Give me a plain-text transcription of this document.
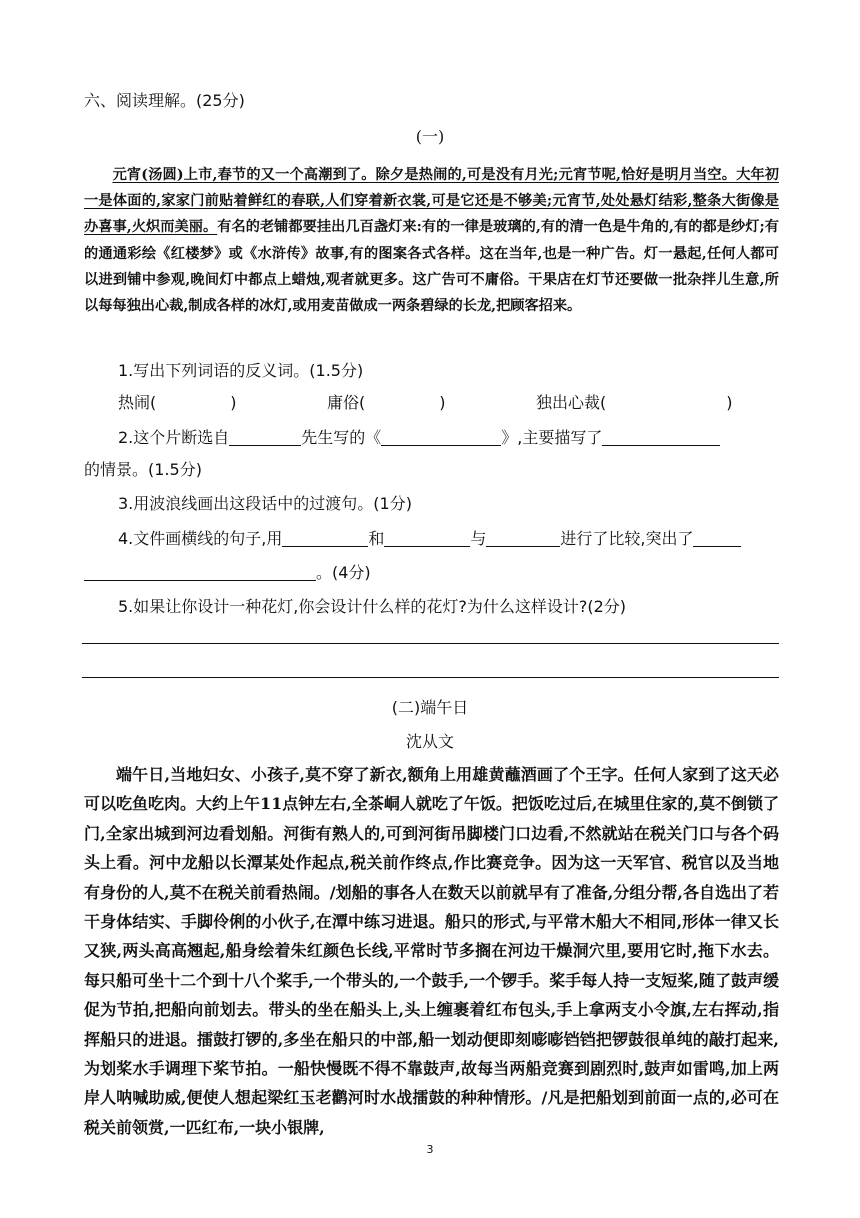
六、阅读理解。(25分)
(一)
元宵(汤圆)上市,春节的又一个高潮到了。除夕是热闹的,可是没有月光;元宵节呢,恰好是明月当空。大年初一是体面的,家家门前贴着鲜红的春联,人们穿着新衣裳,可是它还是不够美;元宵节,处处悬灯结彩,整条大街像是办喜事,火炽而美丽。有名的老铺都要挂出几百盏灯来:有的一律是玻璃的,有的清一色是牛角的,有的都是纱灯;有的通通彩绘《红楼梦》或《水浒传》故事,有的图案各式各样。这在当年,也是一种广告。灯一悬起,任何人都可以进到铺中参观,晚间灯中都点上蜡烛,观者就更多。这广告可不庸俗。干果店在灯节还要做一批杂拌儿生意,所以每每独出心裁,制成各样的冰灯,或用麦苗做成一两条碧绿的长龙,把顾客招来。
1.写出下列词语的反义词。(1.5分)
热闹(	)	庸俗(	)	独出心裁(	)
2.这个片断选自	先生写的《	》,主要描写了
的情景。(1.5分)
3.用波浪线画出这段话中的过渡句。(1分)
4.文件画横线的句子,用	和	与	进行了比较,突出了
。(4分)
5.如果让你设计一种花灯,你会设计什么样的花灯?为什么这样设计?(2分)
(二)端午日
沈从文
端午日,当地妇女、小孩子,莫不穿了新衣,额角上用雄黄蘸酒画了个王字。任何人家到了这天必可以吃鱼吃肉。大约上午11点钟左右,全茶峒人就吃了午饭。把饭吃过后,在城里住家的,莫不倒锁了门,全家出城到河边看划船。河街有熟人的,可到河街吊脚楼门口边看,不然就站在税关门口与各个码头上看。河中龙船以长潭某处作起点,税关前作终点,作比赛竞争。因为这一天军官、税官以及当地有身份的人,莫不在税关前看热闹。/划船的事各人在数天以前就早有了准备,分组分帮,各自选出了若干身体结实、手脚伶俐的小伙子,在潭中练习进退。船只的形式,与平常木船大不相同,形体一律又长又狭,两头高高翘起,船身绘着朱红颜色长线,平常时节多搁在河边干燥洞穴里,要用它时,拖下水去。每只船可坐十二个到十八个桨手,一个带头的,一个鼓手,一个锣手。桨手每人持一支短桨,随了鼓声缓促为节拍,把船向前划去。带头的坐在船头上,头上缠裹着红布包头,手上拿两支小令旗,左右挥动,指挥船只的进退。擂鼓打锣的,多坐在船只的中部,船一划动便即刻嘭嘭铛铛把锣鼓很单纯的敲打起来,为划桨水手调理下桨节拍。一船快慢既不得不靠鼓声,故每当两船竞赛到剧烈时,鼓声如雷鸣,加上两岸人呐喊助威,便使人想起梁红玉老鹳河时水战擂鼓的种种情形。/凡是把船划到前面一点的,必可在税关前领赏,一匹红布,一块小银牌,
3
